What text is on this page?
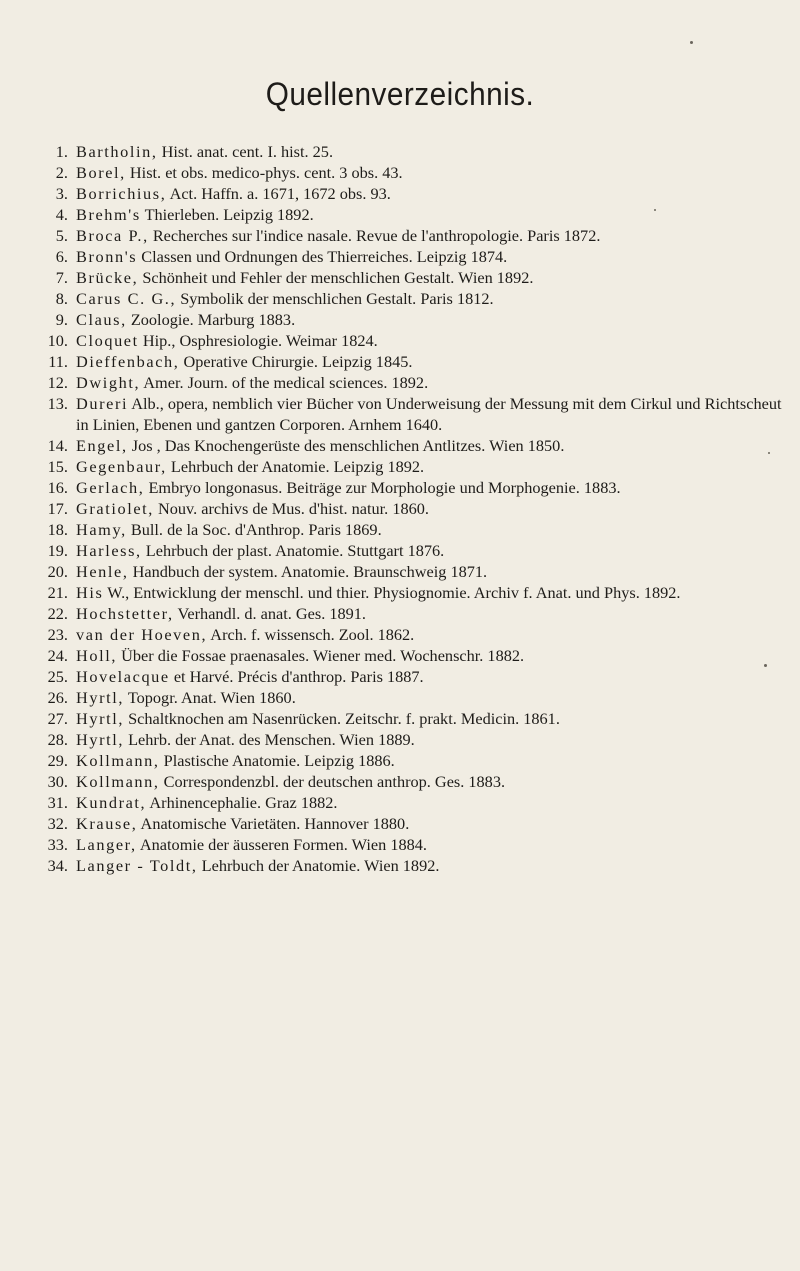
Quellenverzeichnis.
1. Bartholin, Hist. anat. cent. I. hist. 25.
2. Borel, Hist. et obs. medico-phys. cent. 3 obs. 43.
3. Borrichius, Act. Haffn. a. 1671, 1672 obs. 93.
4. Brehm's Thierleben. Leipzig 1892.
5. Broca P., Recherches sur l'indice nasale. Revue de l'anthropologie. Paris 1872.
6. Bronn's Classen und Ordnungen des Thierreiches. Leipzig 1874.
7. Brücke, Schönheit und Fehler der menschlichen Gestalt. Wien 1892.
8. Carus C. G., Symbolik der menschlichen Gestalt. Paris 1812.
9. Claus, Zoologie. Marburg 1883.
10. Cloquet Hip., Osphresiologie. Weimar 1824.
11. Dieffenbach, Operative Chirurgie. Leipzig 1845.
12. Dwight, Amer. Journ. of the medical sciences. 1892.
13. Dureri Alb., opera, nemblich vier Bücher von Underweisung der Messung mit dem Cirkul und Richtscheut in Linien, Ebenen und gantzen Corporen. Arnhem 1640.
14. Engel, Jos , Das Knochengerüste des menschlichen Antlitzes. Wien 1850.
15. Gegenbaur, Lehrbuch der Anatomie. Leipzig 1892.
16. Gerlach, Embryo longonasus. Beiträge zur Morphologie und Morphogenie. 1883.
17. Gratiolet, Nouv. archivs de Mus. d'hist. natur. 1860.
18. Hamy, Bull. de la Soc. d'Anthrop. Paris 1869.
19. Harless, Lehrbuch der plast. Anatomie. Stuttgart 1876.
20. Henle, Handbuch der system. Anatomie. Braunschweig 1871.
21. His W., Entwicklung der menschl. und thier. Physiognomie. Archiv f. Anat. und Phys. 1892.
22. Hochstetter, Verhandl. d. anat. Ges. 1891.
23. van der Hoeven, Arch. f. wissensch. Zool. 1862.
24. Holl, Über die Fossae praenasales. Wiener med. Wochenschr. 1882.
25. Hovelacque et Harvé. Précis d'anthrop. Paris 1887.
26. Hyrtl, Topogr. Anat. Wien 1860.
27. Hyrtl, Schaltknochen am Nasenrücken. Zeitschr. f. prakt. Medicin. 1861.
28. Hyrtl, Lehrb. der Anat. des Menschen. Wien 1889.
29. Kollmann, Plastische Anatomie. Leipzig 1886.
30. Kollmann, Correspondenzbl. der deutschen anthrop. Ges. 1883.
31. Kundrat, Arhinencephalie. Graz 1882.
32. Krause, Anatomische Varietäten. Hannover 1880.
33. Langer, Anatomie der äusseren Formen. Wien 1884.
34. Langer - Toldt, Lehrbuch der Anatomie. Wien 1892.
